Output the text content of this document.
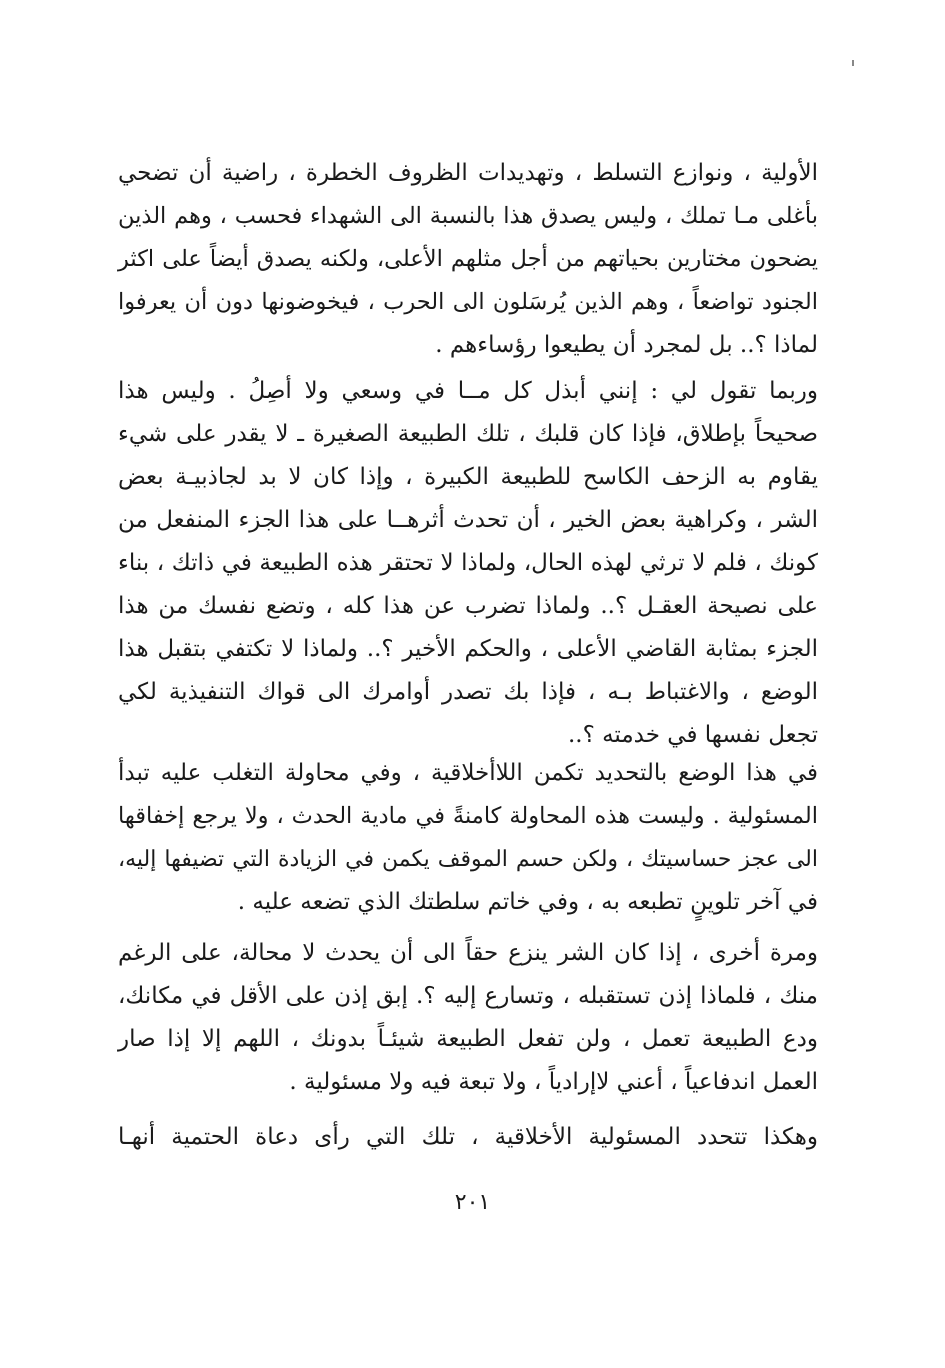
الأولية ، ونوازع التسلط ، وتهديدات الظروف الخطرة ، راضية أن تضحي
بأغلى مـا تملك ، وليس يصدق هذا بالنسبة الى الشهداء فحسب ، وهم الذين
يضحون مختارين بحياتهم من أجل مثلهم الأعلى، ولكنه يصدق أيضاً على اكثر
الجنود تواضعاً ، وهم الذين يُرسَلون الى الحرب ، فيخوضونها دون أن يعرفوا
لماذا ؟.. بل لمجرد أن يطيعوا رؤساءهم .
وربما تقول لي : إنني أبذل كل مــا في وسعي ولا أصِلُ . وليس هذا
صحيحاً بإطلاق، فإذا كان قلبك ، تلك الطبيعة الصغيرة ـ لا يقدر على شيء
يقاوم به الزحف الكاسح للطبيعة الكبيرة ، وإذا كان لا بد لجاذبيـة بعض
الشر ، وكراهية بعض الخير ، أن تحدث أثرهــا على هذا الجزء المنفعل من
كونك ، فلم لا ترثي لهذه الحال، ولماذا لا تحتقر هذه الطبيعة في ذاتك ، بناء
على نصيحة العقـل ؟.. ولماذا تضرب عن هذا كله ، وتضع نفسك من هذا
الجزء بمثابة القاضي الأعلى ، والحكم الأخير ؟.. ولماذا لا تكتفي بتقبل هذا
الوضع ، والاغتباط بـه ، فإذا بك تصدر أوامرك الى قواك التنفيذية لكي
تجعل نفسها في خدمته ؟..
في هذا الوضع بالتحديد تكمن اللاأخلاقية ، وفي محاولة التغلب عليه تبدأ
المسئولية . وليست هذه المحاولة كامنةً في مادية الحدث ، ولا يرجع إخفاقها
الى عجز حساسيتك ، ولكن حسم الموقف يكمن في الزيادة التي تضيفها إليه،
في آخر تلوينٍ تطبعه به ، وفي خاتم سلطتك الذي تضعه عليه .
ومرة أخرى ، إذا كان الشر ينزع حقاً الى أن يحدث لا محالة، على الرغم
منك ، فلماذا إذن تستقبله ، وتسارع إليه ؟. إبق إذن على الأقل في مكانك،
ودع الطبيعة تعمل ، ولن تفعل الطبيعة شيئـاً بدونك ، اللهم إلا إذا صار
العمل اندفاعياً ، أعني لاإرادياً ، ولا تبعة فيه ولا مسئولية .
وهكذا تتحدد المسئولية الأخلاقية ، تلك التي رأى دعاة الحتمية أنهـا
٢٠١
